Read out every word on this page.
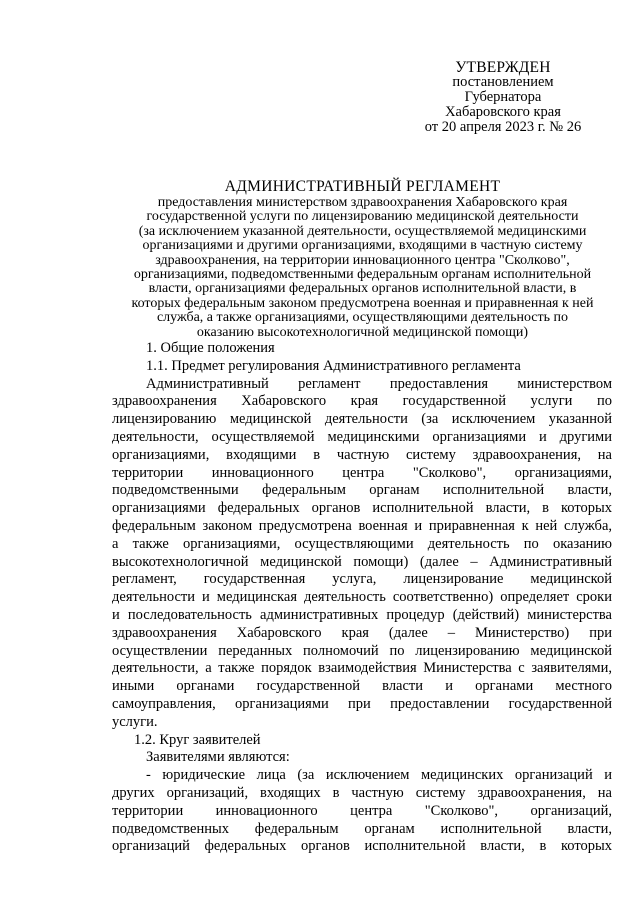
УТВЕРЖДЕН
постановлением
Губернатора
Хабаровского края
от 20 апреля 2023 г. № 26
АДМИНИСТРАТИВНЫЙ РЕГЛАМЕНТ
предоставления министерством здравоохранения Хабаровского края
государственной услуги по лицензированию медицинской деятельности
(за исключением указанной деятельности, осуществляемой медицинскими
организациями и другими организациями, входящими в частную систему
здравоохранения, на территории инновационного центра "Сколково",
организациями, подведомственными федеральным органам исполнительной
власти, организациями федеральных органов исполнительной власти, в
которых федеральным законом предусмотрена военная и приравненная к ней
служба, а также организациями, осуществляющими деятельность по
оказанию высокотехнологичной медицинской помощи)
1. Общие положения
1.1. Предмет регулирования Административного регламента
Административный регламент предоставления министерством
здравоохранения Хабаровского края государственной услуги по
лицензированию медицинской деятельности (за исключением указанной
деятельности, осуществляемой медицинскими организациями и другими
организациями, входящими в частную систему здравоохранения, на
территории инновационного центра "Сколково", организациями,
подведомственными федеральным органам исполнительной власти,
организациями федеральных органов исполнительной власти, в которых
федеральным законом предусмотрена военная и приравненная к ней служба,
а также организациями, осуществляющими деятельность по оказанию
высокотехнологичной медицинской помощи) (далее – Административный
регламент, государственная услуга, лицензирование медицинской
деятельности и медицинская деятельность соответственно) определяет сроки
и последовательность административных процедур (действий) министерства
здравоохранения Хабаровского края (далее – Министерство) при
осуществлении переданных полномочий по лицензированию медицинской
деятельности, а также порядок взаимодействия Министерства с заявителями,
иными органами государственной власти и органами местного
самоуправления, организациями при предоставлении государственной
услуги.
1.2. Круг заявителей
Заявителями являются:
- юридические лица (за исключением медицинских организаций и
других организаций, входящих в частную систему здравоохранения, на
территории инновационного центра "Сколково", организаций,
подведомственных федеральным органам исполнительной власти,
организаций федеральных органов исполнительной власти, в которых
